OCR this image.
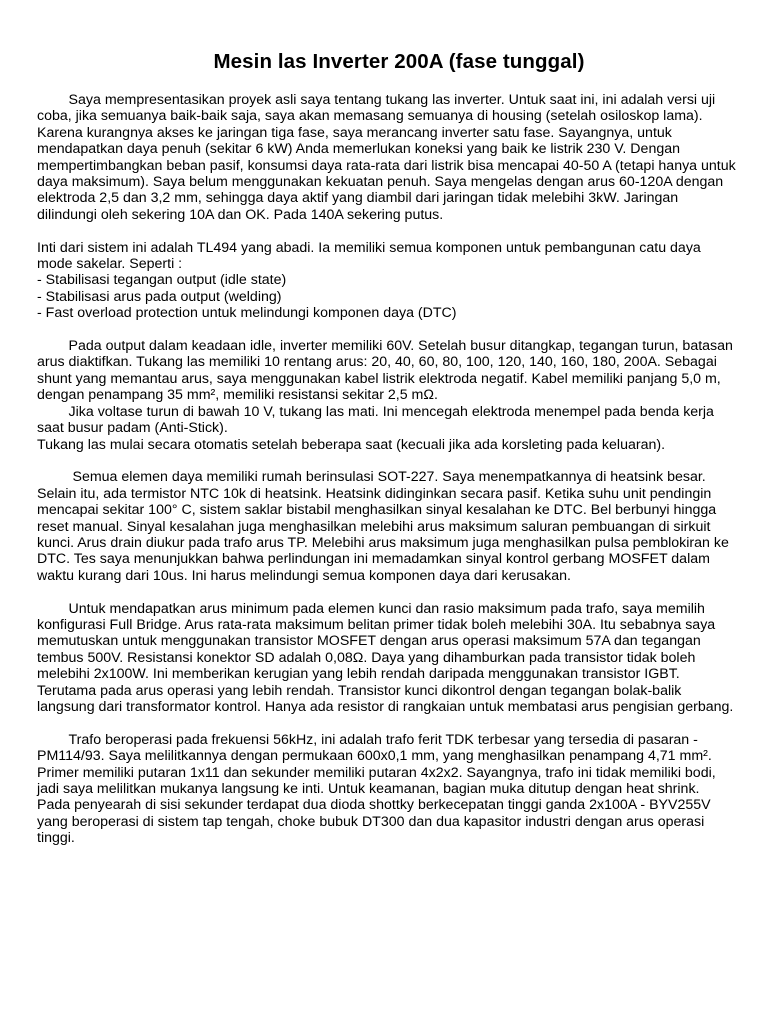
Mesin las Inverter 200A (fase tunggal)

Saya mempresentasikan proyek asli saya tentang tukang las inverter. Untuk saat ini, ini adalah versi uji coba, jika semuanya baik-baik saja, saya akan memasang semuanya di housing (setelah osiloskop lama).

Karena kurangnya akses ke jaringan tiga fase, saya merancang inverter satu fase. Sayangnya, untuk mendapatkan daya penuh (sekitar 6 kW) Anda memerlukan koneksi yang baik ke listrik 230 V. Dengan mempertimbangkan beban pasif, konsumsi daya rata-rata dari listrik bisa mencapai 40-50 A (tetapi hanya untuk daya maksimum). Saya belum menggunakan kekuatan penuh. Saya mengelas dengan arus 60-120A dengan elektroda 2,5 dan 3,2 mm, sehingga daya aktif yang diambil dari jaringan tidak melebihi 3kW. Jaringan dilindungi oleh sekering 10A dan OK. Pada 140A sekering putus.

Inti dari sistem ini adalah TL494 yang abadi. Ia memiliki semua komponen untuk pembangunan catu daya mode sakelar. Seperti :

- Stabilisasi tegangan output (idle state)

- Stabilisasi arus pada output (welding)

- Fast overload protection untuk melindungi komponen daya (DTC)

Pada output dalam keadaan idle, inverter memiliki 60V. Setelah busur ditangkap, tegangan turun, batasan arus diaktifkan. Tukang las memiliki 10 rentang arus: 20, 40, 60, 80, 100, 120, 140, 160, 180, 200A. Sebagai shunt yang memantau arus, saya menggunakan kabel listrik elektroda negatif. Kabel memiliki panjang 5,0 m, dengan penampang 35 mm², memiliki resistansi sekitar 2,5 mΩ.

Jika voltase turun di bawah 10 V, tukang las mati. Ini mencegah elektroda menempel pada benda kerja saat busur padam (Anti-Stick).

Tukang las mulai secara otomatis setelah beberapa saat (kecuali jika ada korsleting pada keluaran).

Semua elemen daya memiliki rumah berinsulasi SOT-227. Saya menempatkannya di heatsink besar. Selain itu, ada termistor NTC 10k di heatsink. Heatsink didinginkan secara pasif. Ketika suhu unit pendingin mencapai sekitar 100° C, sistem saklar bistabil menghasilkan sinyal kesalahan ke DTC. Bel berbunyi hingga reset manual. Sinyal kesalahan juga menghasilkan melebihi arus maksimum saluran pembuangan di sirkuit kunci. Arus drain diukur pada trafo arus TP. Melebihi arus maksimum juga menghasilkan pulsa pemblokiran ke DTC. Tes saya menunjukkan bahwa perlindungan ini memadamkan sinyal kontrol gerbang MOSFET dalam waktu kurang dari 10us. Ini harus melindungi semua komponen daya dari kerusakan.

Untuk mendapatkan arus minimum pada elemen kunci dan rasio maksimum pada trafo, saya memilih konfigurasi Full Bridge. Arus rata-rata maksimum belitan primer tidak boleh melebihi 30A. Itu sebabnya saya memutuskan untuk menggunakan transistor MOSFET dengan arus operasi maksimum 57A dan tegangan tembus 500V. Resistansi konektor SD adalah 0,08Ω. Daya yang dihamburkan pada transistor tidak boleh melebihi 2x100W. Ini memberikan kerugian yang lebih rendah daripada menggunakan transistor IGBT. Terutama pada arus operasi yang lebih rendah. Transistor kunci dikontrol dengan tegangan bolak-balik langsung dari transformator kontrol. Hanya ada resistor di rangkaian untuk membatasi arus pengisian gerbang.

Trafo beroperasi pada frekuensi 56kHz, ini adalah trafo ferit TDK terbesar yang tersedia di pasaran - PM114/93. Saya melilitkannya dengan permukaan 600x0,1 mm, yang menghasilkan penampang 4,71 mm².

Primer memiliki putaran 1x11 dan sekunder memiliki putaran 4x2x2. Sayangnya, trafo ini tidak memiliki bodi, jadi saya melilitkan mukanya langsung ke inti. Untuk keamanan, bagian muka ditutup dengan heat shrink.

Pada penyearah di sisi sekunder terdapat dua dioda shottky berkecepatan tinggi ganda 2x100A - BYV255V yang beroperasi di sistem tap tengah, choke bubuk DT300 dan dua kapasitor industri dengan arus operasi tinggi.
